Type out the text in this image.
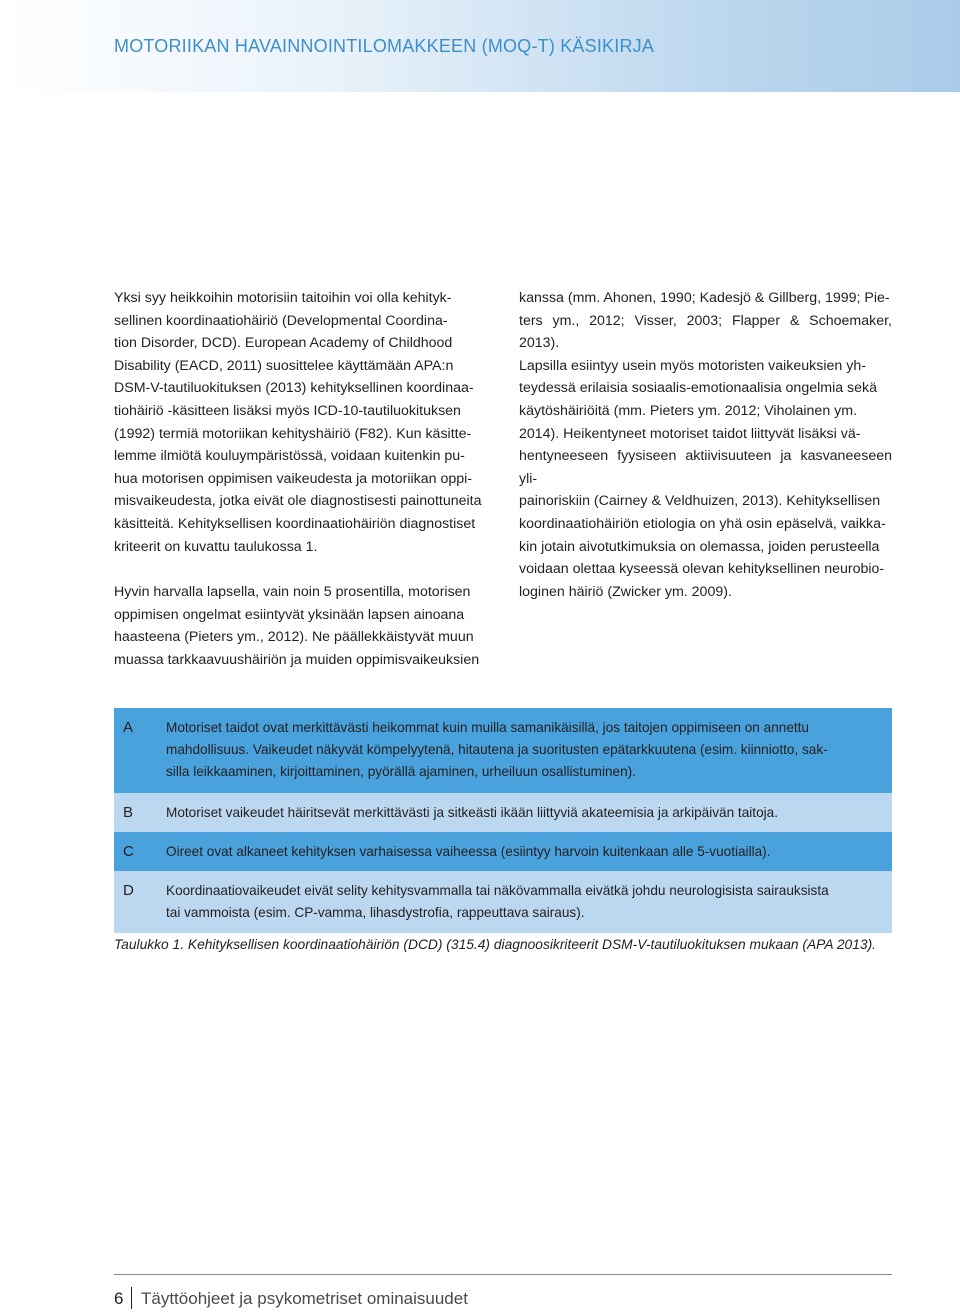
MOTORIIKAN HAVAINNOINTILOMAKKEEN (MOQ-T) KÄSIKIRJA

Yksi syy heikkoihin motorisiin taitoihin voi olla kehityk-

sellinen koordinaatiohäiriö (Developmental Coordina-

tion Disorder, DCD). European Academy of Childhood

Disability (EACD, 2011) suosittelee käyttämään APA:n

DSM-V-tautiluokituksen (2013) kehityksellinen koordinaa-

tiohäiriö -käsitteen lisäksi myös ICD-10-tautiluokituksen

(1992) termiä motoriikan kehityshäiriö (F82). Kun käsitte-

lemme ilmiötä kouluympäristössä, voidaan kuitenkin pu-

hua motorisen oppimisen vaikeudesta ja motoriikan oppi-

misvaikeudesta, jotka eivät ole diagnostisesti painottuneita

käsitteitä. Kehityksellisen koordinaatiohäiriön diagnostiset

kriteerit on kuvattu taulukossa 1.

Hyvin harvalla lapsella, vain noin 5 prosentilla, motorisen

oppimisen ongelmat esiintyvät yksinään lapsen ainoana

haasteena (Pieters ym., 2012). Ne päällekkäistyvät muun

muassa tarkkaavuushäiriön ja muiden oppimisvaikeuksien

kanssa (mm. Ahonen, 1990; Kadesjö & Gillberg, 1999; Pie-

ters ym., 2012; Visser, 2003; Flapper & Schoemaker, 2013).

Lapsilla esiintyy usein myös motoristen vaikeuksien yh-

teydessä erilaisia sosiaalis-emotionaalisia ongelmia sekä

käytöshäiriöitä (mm. Pieters ym. 2012; Viholainen ym.

2014). Heikentyneet motoriset taidot liittyvät lisäksi vä-

hentyneeseen fyysiseen aktiivisuuteen ja kasvaneeseen yli-

painoriskiin (Cairney & Veldhuizen, 2013). Kehityksellisen

koordinaatiohäiriön etiologia on yhä osin epäselvä, vaikka-

kin jotain aivotutkimuksia on olemassa, joiden perusteella

voidaan olettaa kyseessä olevan kehityksellinen neurobio-

loginen häiriö (Zwicker ym. 2009).

A	Motoriset taidot ovat merkittävästi heikommat kuin muilla samanikäisillä, jos taitojen oppimiseen on annettu
mahdollisuus. Vaikeudet näkyvät kömpelyytenä, hitautena ja suoritusten epätarkkuutena (esim. kiinniotto, sak-
silla leikkaaminen, kirjoittaminen, pyörällä ajaminen, urheiluun osallistuminen).
B	Motoriset vaikeudet häiritsevät merkittävästi ja sitkeästi ikään liittyviä akateemisia ja arkipäivän taitoja.
C	Oireet ovat alkaneet kehityksen varhaisessa vaiheessa (esiintyy harvoin kuitenkaan alle 5-vuotiailla).
D	Koordinaatiovaikeudet eivät selity kehitysvammalla tai näkövammalla eivätkä johdu neurologisista sairauksista
tai vammoista (esim. CP-vamma, lihasdystrofia, rappeuttava sairaus).
Taulukko 1. Kehityksellisen koordinaatiohäiriön (DCD) (315.4) diagnoosikriteerit DSM-V-tautiluokituksen mukaan (APA 2013).
6 Täyttöohjeet ja psykometriset ominaisuudet
